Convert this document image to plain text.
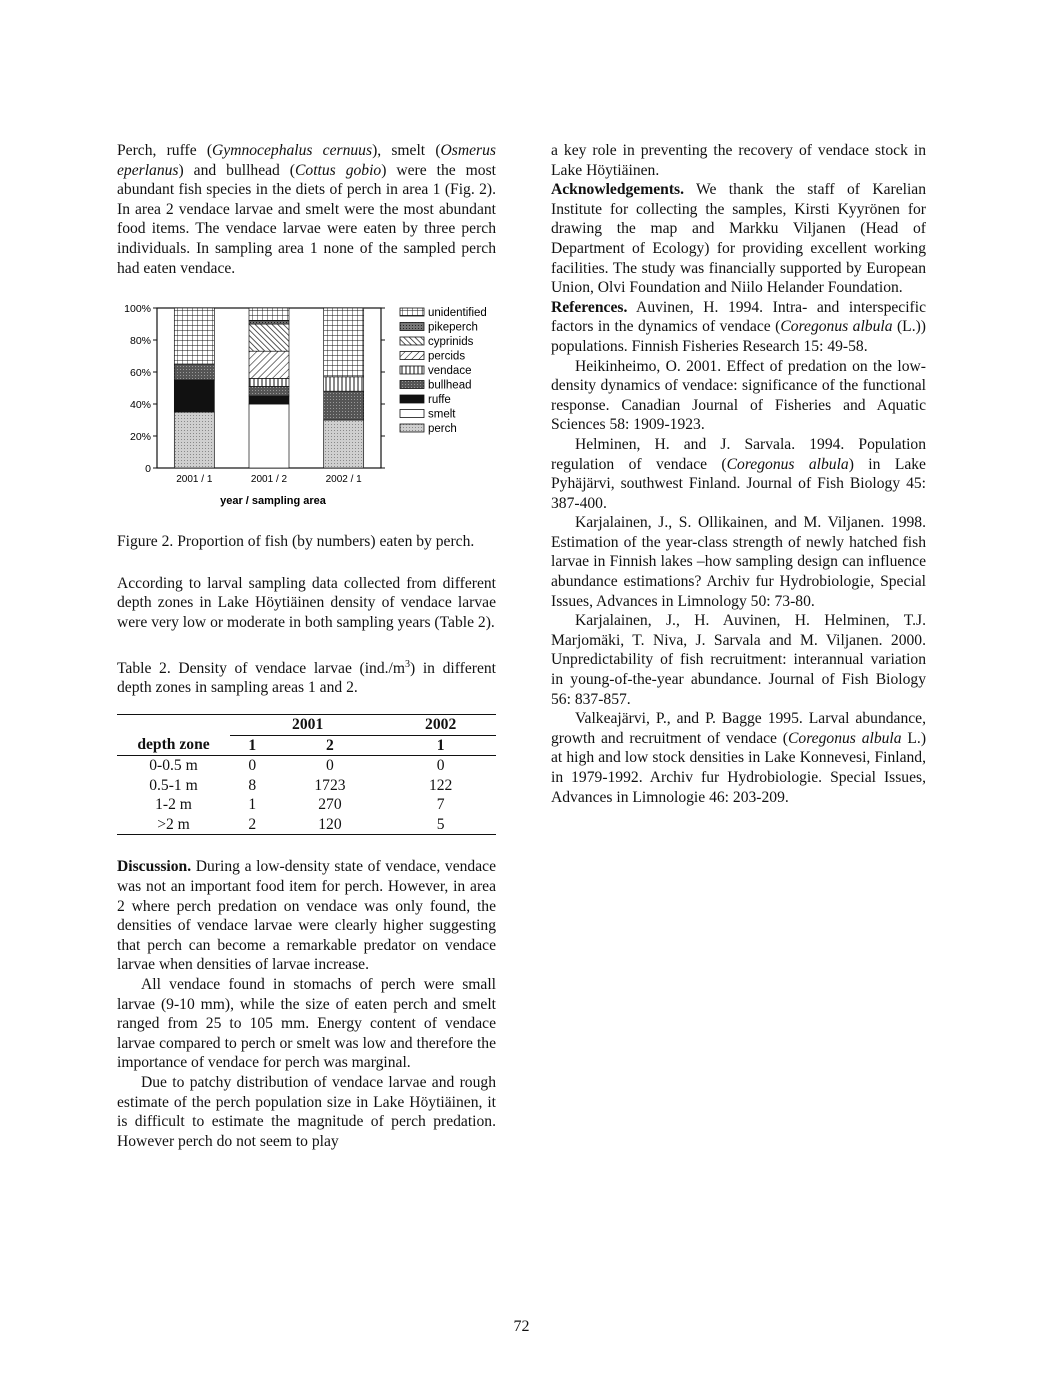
Perch, ruffe (Gymnocephalus cernuus), smelt (Osmerus eperlanus) and bullhead (Cottus gobio) were the most abundant fish species in the diets of perch in area 1 (Fig. 2). In area 2 vendace larvae and smelt were the most abundant food items. The vendace larvae were eaten by three perch individuals. In sampling area 1 none of the sampled perch had eaten vendace.

0
20%
40%
60%
80%
100%
2001 / 1	2001 / 2	2002 / 1
year / sampling area
unidentified
pikeperch
cyprinids
percids
vendace
bullhead
ruffe
smelt
perch

Figure 2. Proportion of fish (by numbers) eaten by perch.

According to larval sampling data collected from different depth zones in Lake Höytiäinen density of vendace larvae were very low or moderate in both sampling years (Table 2).

Table 2. Density of vendace larvae $(ind./m^3)$ in different depth zones in sampling areas 1 and 2.

	2001		2002
depth zone	1	2	1
0-0.5 m	0	0	0
0.5-1 m	8	1723	122
1-2 m	1	270	7
>2 m	2	120	5

Discussion. During a low-density state of vendace, vendace was not an important food item for perch. However, in area 2 where perch predation on vendace was only found, the densities of vendace larvae were clearly higher suggesting that perch can become a remarkable predator on vendace larvae when densities of larvae increase.

All vendace found in stomachs of perch were small larvae (9-10 mm), while the size of eaten perch and smelt ranged from 25 to 105 mm. Energy content of vendace larvae compared to perch or smelt was low and therefore the importance of vendace for perch was marginal.

Due to patchy distribution of vendace larvae and rough estimate of the perch population size in Lake Höytiäinen, it is difficult to estimate the magnitude of perch predation. However perch do not seem to play

a key role in preventing the recovery of vendace stock in Lake Höytiäinen.

Acknowledgements. We thank the staff of Karelian Institute for collecting the samples, Kirsti Kyyrönen for drawing the map and Markku Viljanen (Head of Department of Ecology) for providing excellent working facilities. The study was financially supported by European Union, Olvi Foundation and Niilo Helander Foundation.

References. Auvinen, H. 1994. Intra- and interspecific factors in the dynamics of vendace (Coregonus albula (L.)) populations. Finnish Fisheries Research 15: 49-58.

Heikinheimo, O. 2001. Effect of predation on the low-density dynamics of vendace: significance of the functional response. Canadian Journal of Fisheries and Aquatic Sciences 58: 1909-1923.

Helminen, H. and J. Sarvala. 1994. Population regulation of vendace (Coregonus albula) in Lake Pyhäjärvi, southwest Finland. Journal of Fish Biology 45: 387-400.

Karjalainen, J., S. Ollikainen, and M. Viljanen. 1998. Estimation of the year-class strength of newly hatched fish larvae in Finnish lakes –how sampling design can influence abundance estimations? Archiv fur Hydrobiologie, Special Issues, Advances in Limnology 50: 73-80.

Karjalainen, J., H. Auvinen, H. Helminen, T.J. Marjomäki, T. Niva, J. Sarvala and M. Viljanen. 2000. Unpredictability of fish recruitment: interannual variation in young-of-the-year abundance. Journal of Fish Biology 56: 837-857.

Valkeajärvi, P., and P. Bagge 1995. Larval abundance, growth and recruitment of vendace (Coregonus albula L.) at high and low stock densities in Lake Konnevesi, Finland, in 1979-1992. Archiv fur Hydrobiologie. Special Issues, Advances in Limnologie 46: 203-209.

72
